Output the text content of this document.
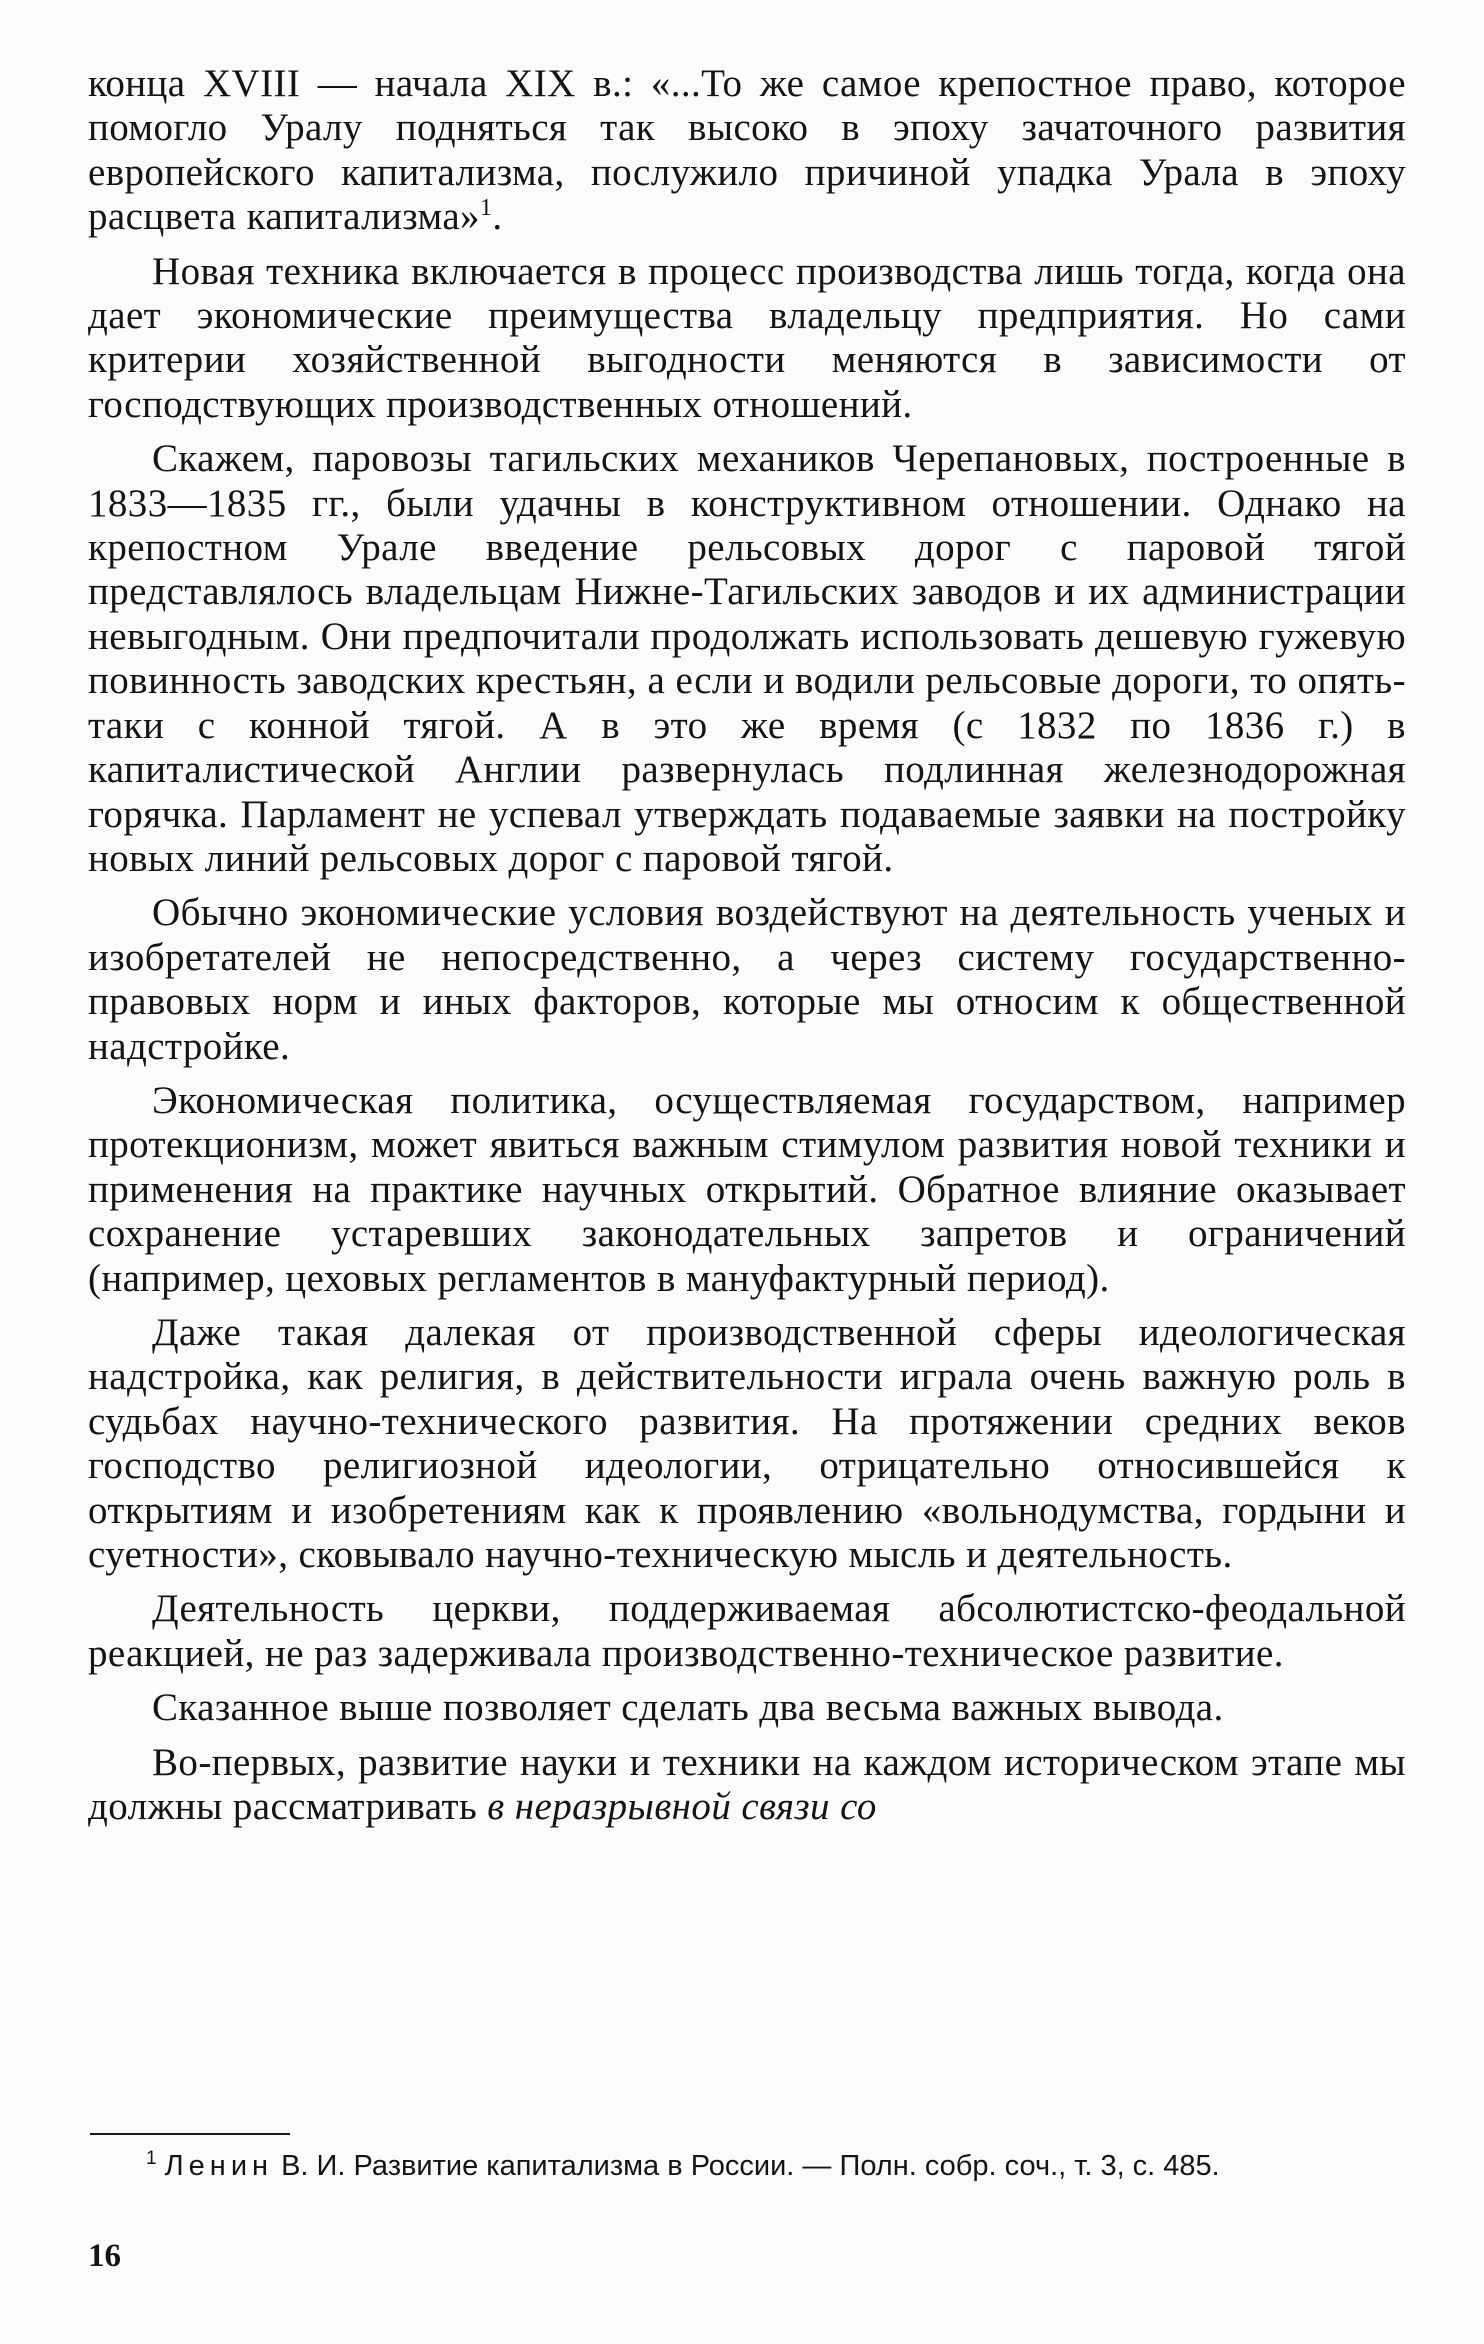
конца XVIII — начала XIX в.: «...То же самое крепостное право, которое помогло Уралу подняться так высоко в эпоху зачаточного развития европейского капитализма, послужило причиной упадка Урала в эпоху расцвета капитализма»$^1$.

Новая техника включается в процесс производства лишь тогда, когда она дает экономические преимущества владельцу предприятия. Но сами критерии хозяйственной выгодности меняются в зависимости от господствующих производственных отношений.

Скажем, паровозы тагильских механиков Черепановых, построенные в 1833—1835 гг., были удачны в конструктивном отношении. Однако на крепостном Урале введение рельсовых дорог с паровой тягой представлялось владельцам Нижне-Тагильских заводов и их администрации невыгодным. Они предпочитали продолжать использовать дешевую гужевую повинность заводских крестьян, а если и водили рельсовые дороги, то опять-таки с конной тягой. А в это же время (с 1832 по 1836 г.) в капиталистической Англии развернулась подлинная железнодорожная горячка. Парламент не успевал утверждать подаваемые заявки на постройку новых линий рельсовых дорог с паровой тягой.

Обычно экономические условия воздействуют на деятельность ученых и изобретателей не непосредственно, а через систему государственно-правовых норм и иных факторов, которые мы относим к общественной надстройке.

Экономическая политика, осуществляемая государством, например протекционизм, может явиться важным стимулом развития новой техники и применения на практике научных открытий. Обратное влияние оказывает сохранение устаревших законодательных запретов и ограничений (например, цеховых регламентов в мануфактурный период).

Даже такая далекая от производственной сферы идеологическая надстройка, как религия, в действительности играла очень важную роль в судьбах научно-технического развития. На протяжении средних веков господство религиозной идеологии, отрицательно относившейся к открытиям и изобретениям как к проявлению «вольнодумства, гордыни и суетности», сковывало научно-техническую мысль и деятельность.

Деятельность церкви, поддерживаемая абсолютистско-феодальной реакцией, не раз задерживала производственно-техническое развитие.

Сказанное выше позволяет сделать два весьма важных вывода.

Во-первых, развитие науки и техники на каждом историческом этапе мы должны рассматривать в неразрывной связи со

$^1$ Ленин В. И. Развитие капитализма в России. — Полн. собр. соч., т. 3, с. 485.

16
